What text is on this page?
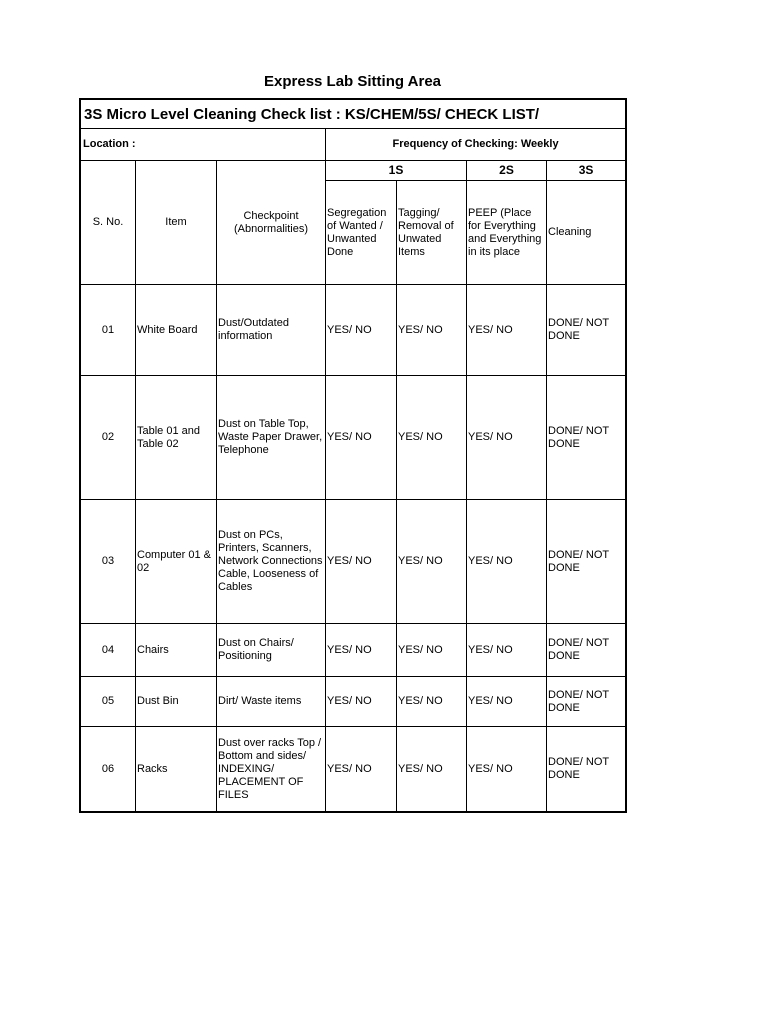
Express Lab Sitting Area
3S Micro Level Cleaning Check list : KS/CHEM/5S/ CHECK LIST/						
Location :			Frequency of Checking: Weekly			
S. No.	Item	Checkpoint (Abnormalities)	1S		2S	3S
			Segregation of Wanted / Unwanted Done	Tagging/ Removal of Unwated Items	PEEP (Place for Everything and Everything in its place	Cleaning
01	White Board	Dust/Outdated information	YES/ NO	YES/ NO	YES/ NO	DONE/ NOT DONE
02	Table 01 and Table 02	Dust on Table Top, Waste Paper Drawer, Telephone	YES/ NO	YES/ NO	YES/ NO	DONE/ NOT DONE
03	Computer 01 & 02	Dust on PCs, Printers, Scanners, Network Connections Cable, Looseness of Cables	YES/ NO	YES/ NO	YES/ NO	DONE/ NOT DONE
04	Chairs	Dust on Chairs/ Positioning	YES/ NO	YES/ NO	YES/ NO	DONE/ NOT DONE
05	Dust Bin	Dirt/ Waste items	YES/ NO	YES/ NO	YES/ NO	DONE/ NOT DONE
06	Racks	Dust over racks Top / Bottom and sides/ INDEXING/ PLACEMENT OF FILES	YES/ NO	YES/ NO	YES/ NO	DONE/ NOT DONE
